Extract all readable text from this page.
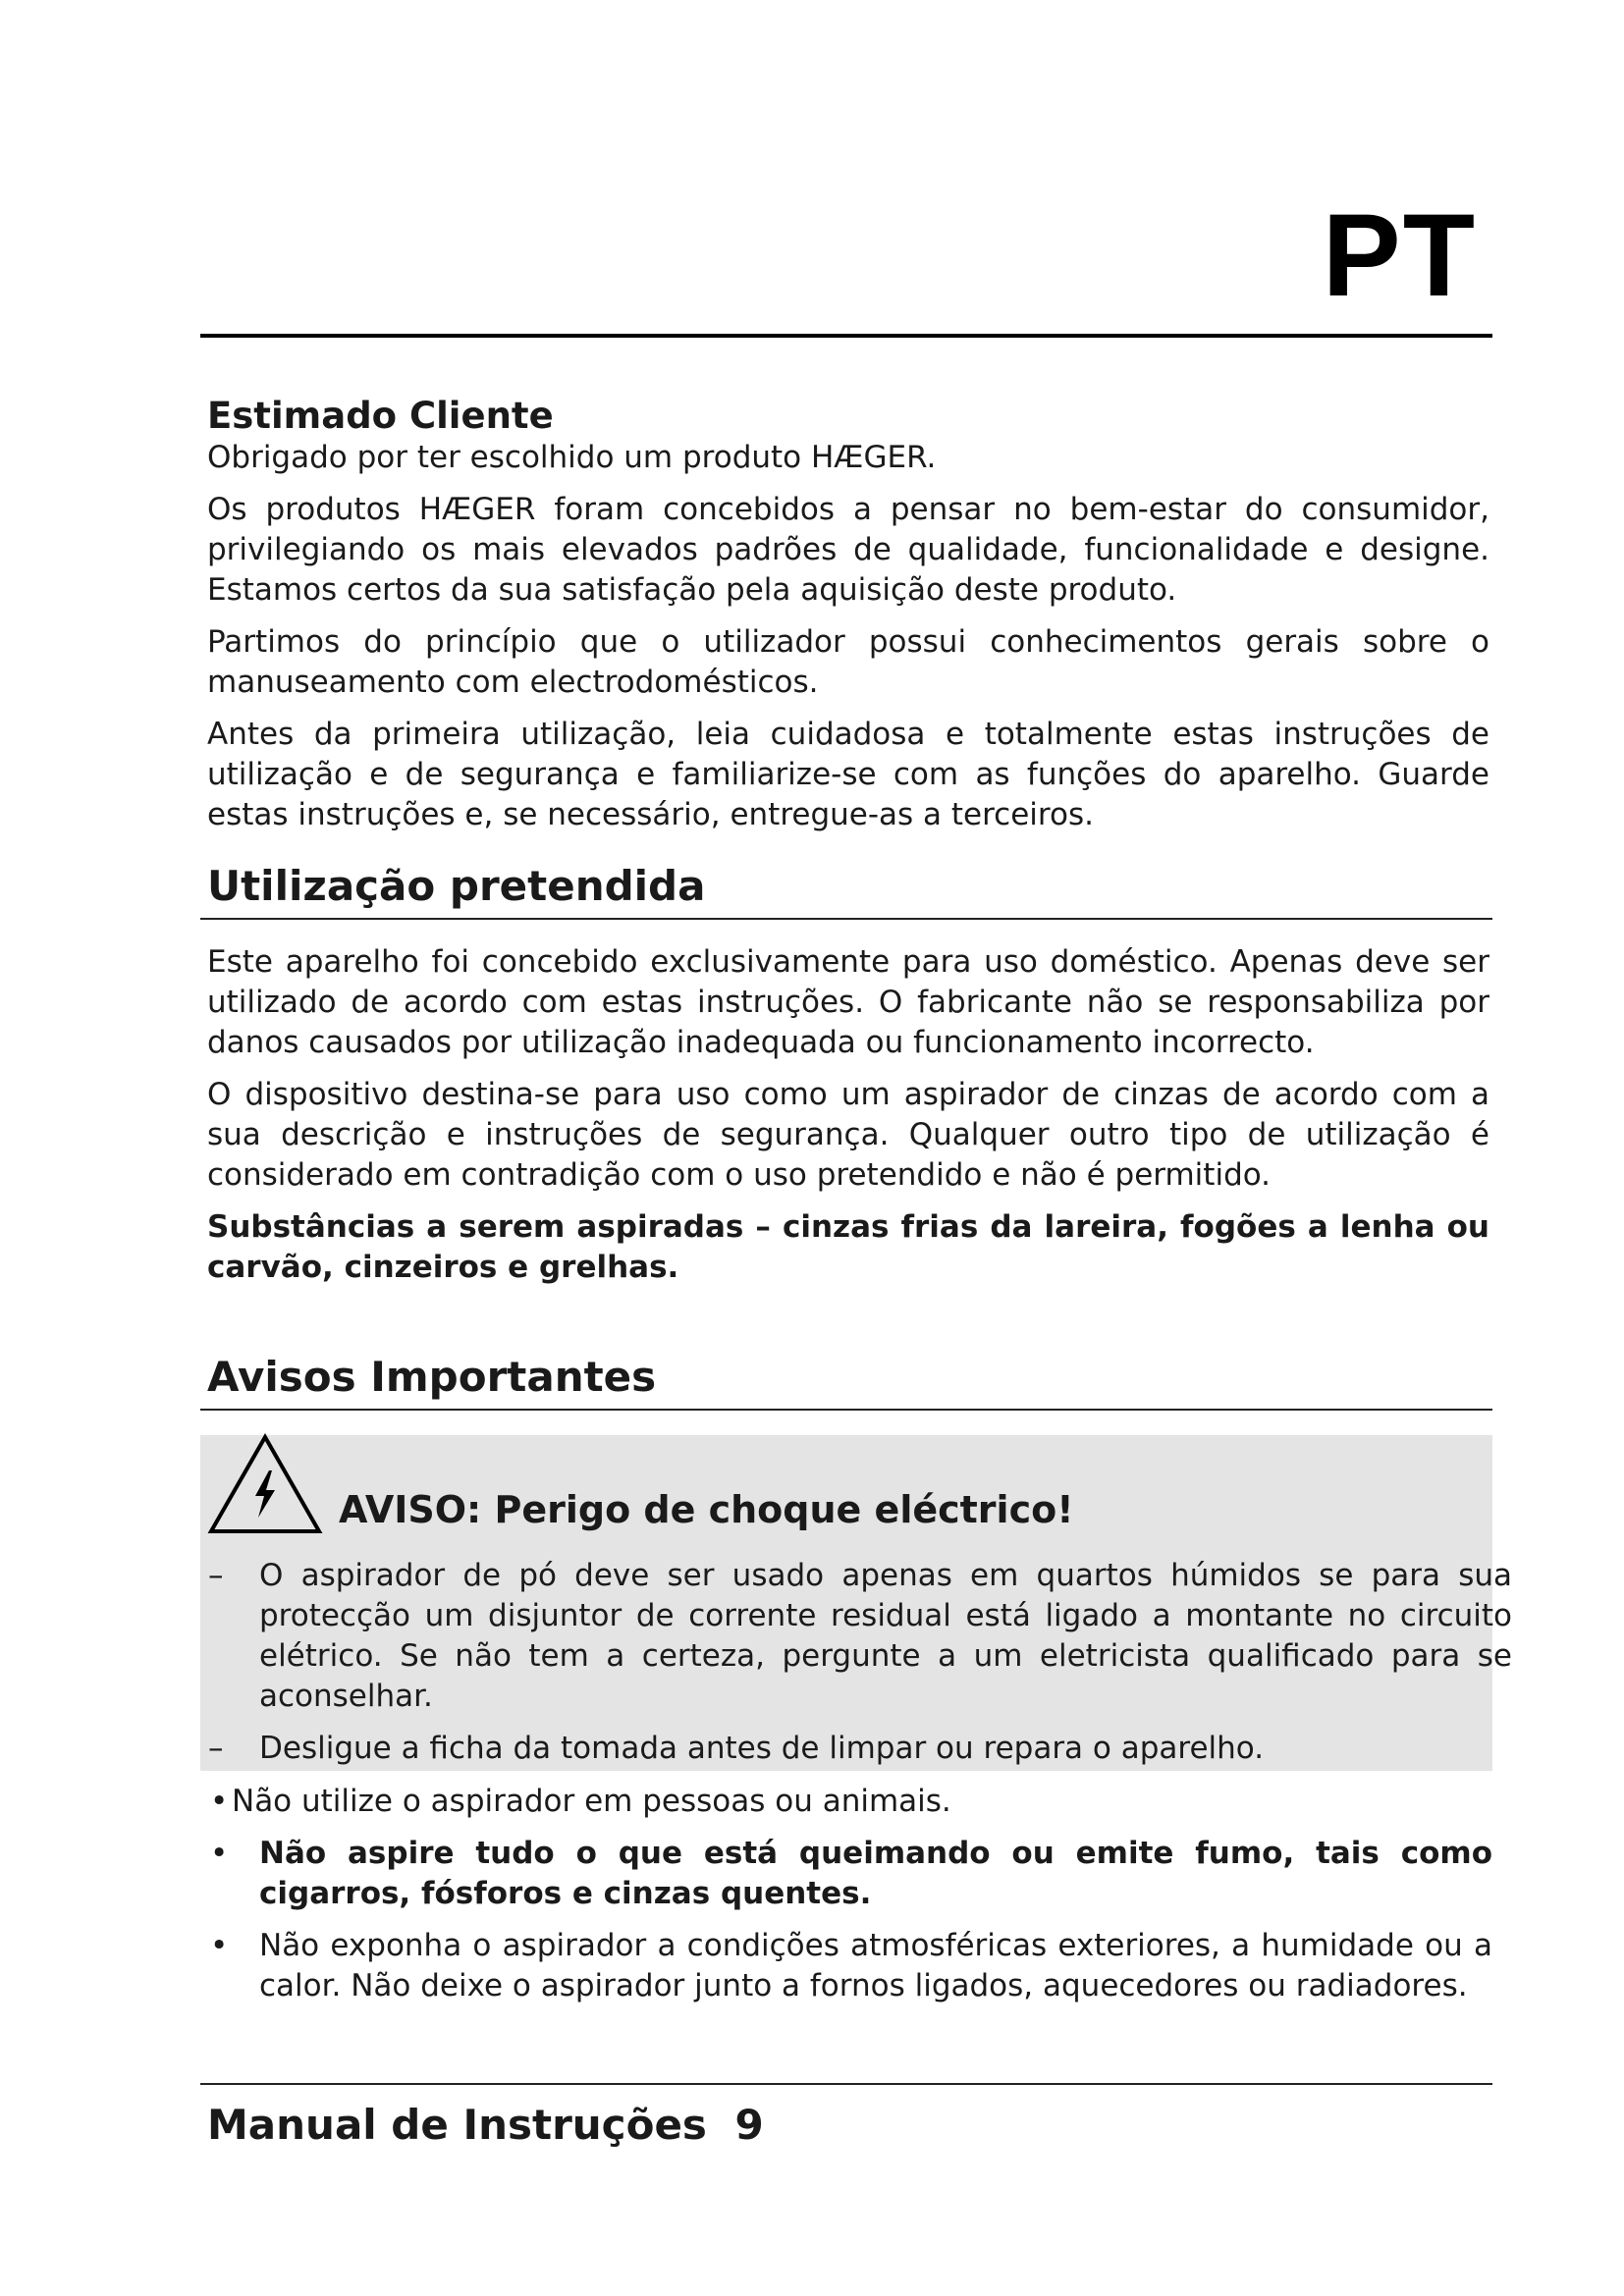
PT
Estimado Cliente

Obrigado por ter escolhido um produto HÆGER.

Os produtos HÆGER foram concebidos a pensar no bem-estar do consumidor, privilegiando os mais elevados padrões de qualidade, funcionalidade e designe. Estamos certos da sua satisfação pela aquisição deste produto.

Partimos do princípio que o utilizador possui conhecimentos gerais sobre o manuseamento com electrodomésticos.

Antes da primeira utilização, leia cuidadosa e totalmente estas instruções de utilização e de segurança e familiarize-se com as funções do aparelho. Guarde estas instruções e, se necessário, entregue-as a terceiros.

Utilização pretendida

Este aparelho foi concebido exclusivamente para uso doméstico. Apenas deve ser utilizado de acordo com estas instruções. O fabricante não se responsabiliza por danos causados por utilização inadequada ou funcionamento incorrecto.

O dispositivo destina-se para uso como um aspirador de cinzas de acordo com a sua descrição e instruções de segurança. Qualquer outro tipo de utilização é considerado em contradição com o uso pretendido e não é permitido.

Substâncias a serem aspiradas – cinzas frias da lareira, fogões a lenha ou carvão, cinzeiros e grelhas.

Avisos Importantes
AVISO: Perigo de choque eléctrico!
– O aspirador de pó deve ser usado apenas em quartos húmidos se para sua protecção um disjuntor de corrente residual está ligado a montante no circuito elétrico. Se não tem a certeza, pergunte a um eletricista qualificado para se aconselhar.

– Desligue a ficha da tomada antes de limpar ou repara o aparelho.

• Não utilize o aspirador em pessoas ou animais.

• Não aspire tudo o que está queimando ou emite fumo, tais como cigarros, fósforos e cinzas quentes.

• Não exponha o aspirador a condições atmosféricas exteriores, a humidade ou a calor. Não deixe o aspirador junto a fornos ligados, aquecedores ou radiadores.

Manual de Instruções 9
